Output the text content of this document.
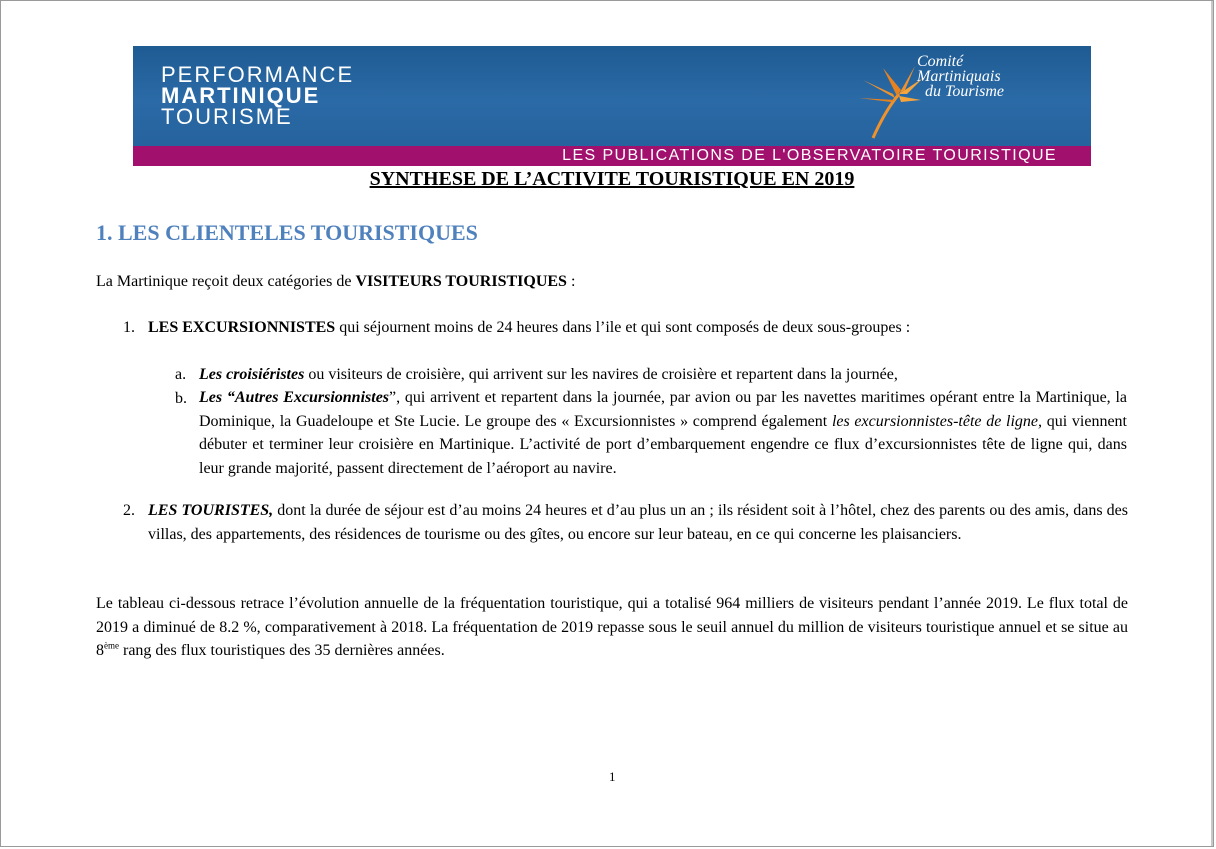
PERFORMANCE
MARTINIQUE
TOURISME
Comité
Martiniquais
du Tourisme
LES PUBLICATIONS DE L'OBSERVATOIRE TOURISTIQUE
SYNTHESE DE L’ACTIVITE TOURISTIQUE EN 2019
1. LES CLIENTELES TOURISTIQUES
La Martinique reçoit deux catégories de VISITEURS TOURISTIQUES :
1. LES EXCURSIONNISTES qui séjournent moins de 24 heures dans l’ile et qui sont composés de deux sous-groupes :
a. Les croisiéristes ou visiteurs de croisière, qui arrivent sur les navires de croisière et repartent dans la journée,
b. Les “Autres Excursionnistes”, qui arrivent et repartent dans la journée, par avion ou par les navettes maritimes opérant entre la Martinique, la Dominique, la Guadeloupe et Ste Lucie. Le groupe des « Excursionnistes » comprend également les excursionnistes-tête de ligne, qui viennent débuter et terminer leur croisière en Martinique. L’activité de port d’embarquement engendre ce flux d’excursionnistes tête de ligne qui, dans leur grande majorité, passent directement de l’aéroport au navire.
2. LES TOURISTES, dont la durée de séjour est d’au moins 24 heures et d’au plus un an ; ils résident soit à l’hôtel, chez des parents ou des amis, dans des villas, des appartements, des résidences de tourisme ou des gîtes, ou encore sur leur bateau, en ce qui concerne les plaisanciers.
Le tableau ci-dessous retrace l’évolution annuelle de la fréquentation touristique, qui a totalisé 964 milliers de visiteurs pendant l’année 2019. Le flux total de 2019 a diminué de 8.2 %, comparativement à 2018. La fréquentation de 2019 repasse sous le seuil annuel du million de visiteurs touristique annuel et se situe au 8ème rang des flux touristiques des 35 dernières années.
1
